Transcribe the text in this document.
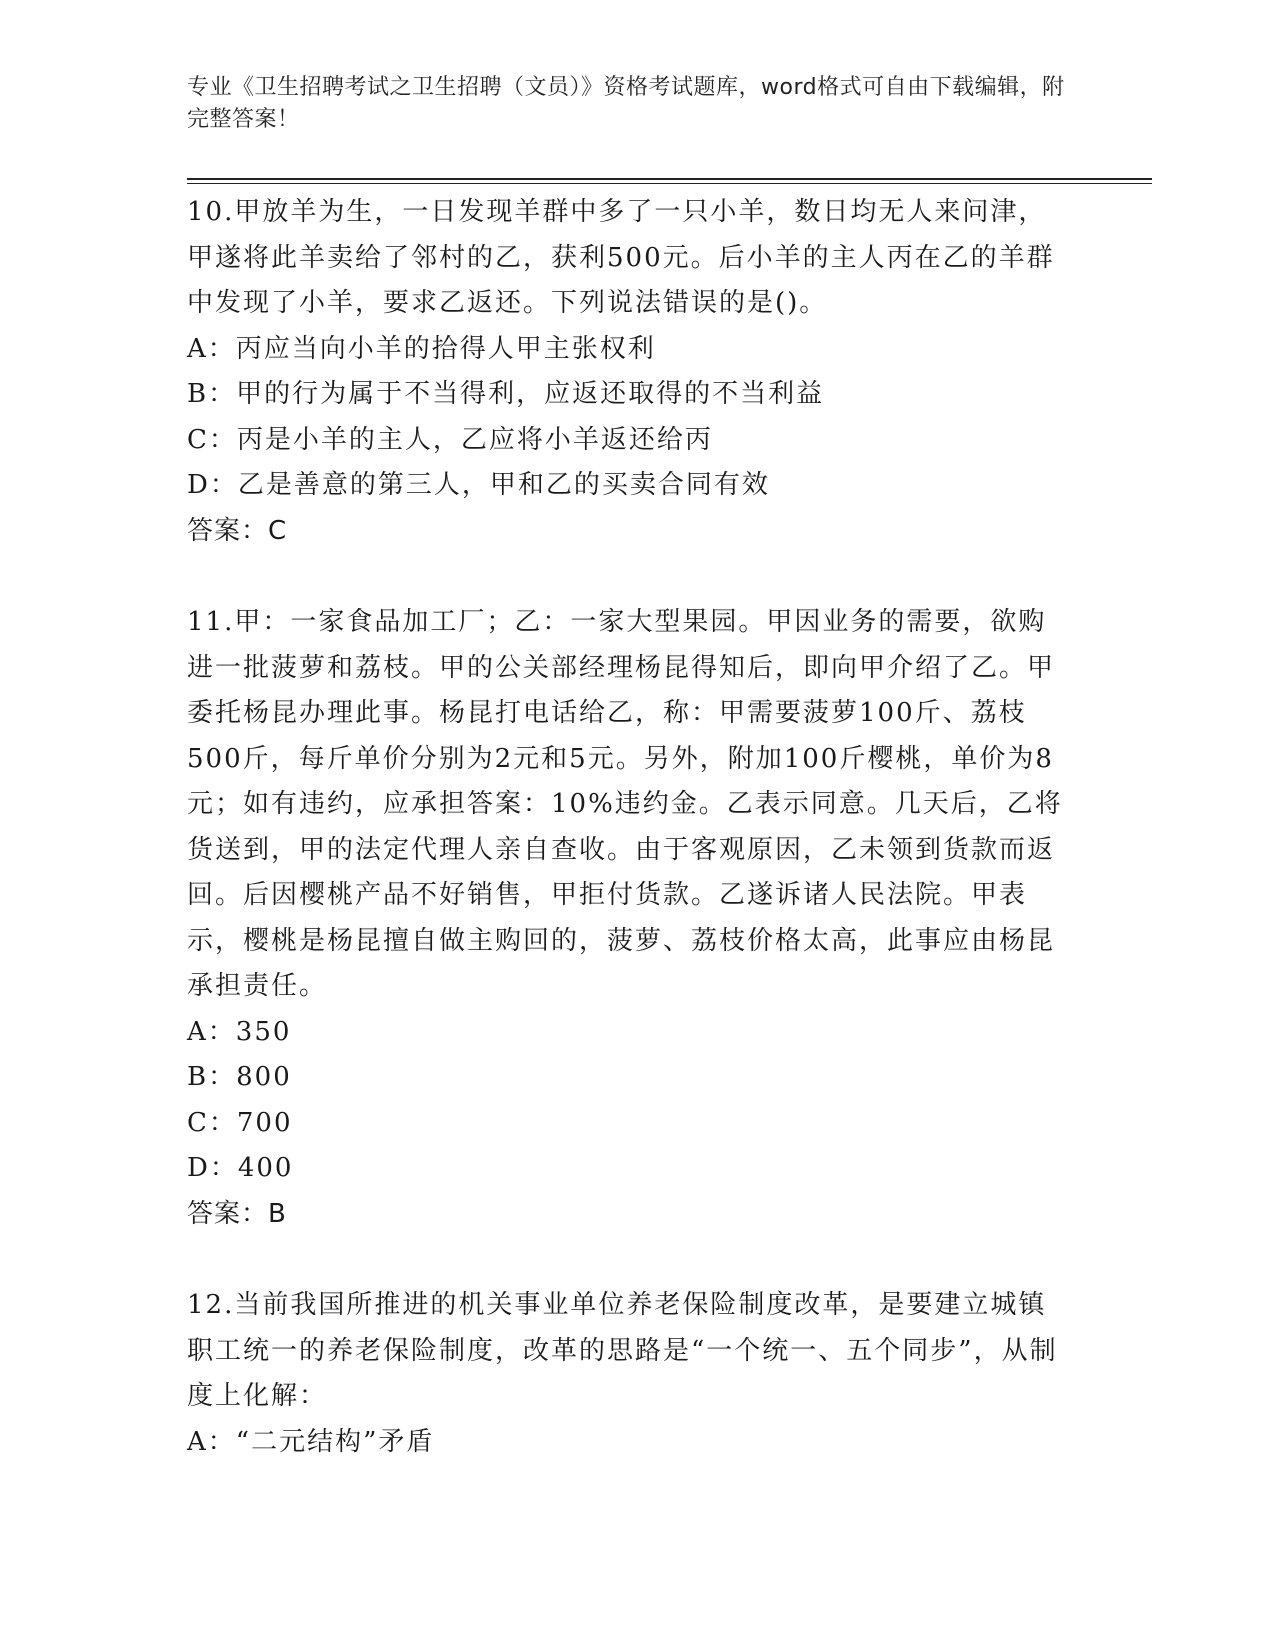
专业《卫生招聘考试之卫生招聘（文员）》资格考试题库，word格式可自由下载编辑，附完整答案！

10.甲放羊为生，一日发现羊群中多了一只小羊，数日均无人来问津，甲遂将此羊卖给了邻村的乙，获利500元。后小羊的主人丙在乙的羊群中发现了小羊，要求乙返还。下列说法错误的是()。

A：丙应当向小羊的拾得人甲主张权利

B：甲的行为属于不当得利，应返还取得的不当利益

C：丙是小羊的主人，乙应将小羊返还给丙

D：乙是善意的第三人，甲和乙的买卖合同有效

答案：C

11.甲：一家食品加工厂；乙：一家大型果园。甲因业务的需要，欲购进一批菠萝和荔枝。甲的公关部经理杨昆得知后，即向甲介绍了乙。甲委托杨昆办理此事。杨昆打电话给乙，称：甲需要菠萝100斤、荔枝500斤，每斤单价分别为2元和5元。另外，附加100斤樱桃，单价为8元；如有违约，应承担答案：10%违约金。乙表示同意。几天后，乙将货送到，甲的法定代理人亲自查收。由于客观原因，乙未领到货款而返回。后因樱桃产品不好销售，甲拒付货款。乙遂诉诸人民法院。甲表示，樱桃是杨昆擅自做主购回的，菠萝、荔枝价格太高，此事应由杨昆承担责任。

A：350

B：800

C：700

D：400

答案：B

12.当前我国所推进的机关事业单位养老保险制度改革，是要建立城镇职工统一的养老保险制度，改革的思路是“一个统一、五个同步”，从制度上化解：

A：“二元结构”矛盾
